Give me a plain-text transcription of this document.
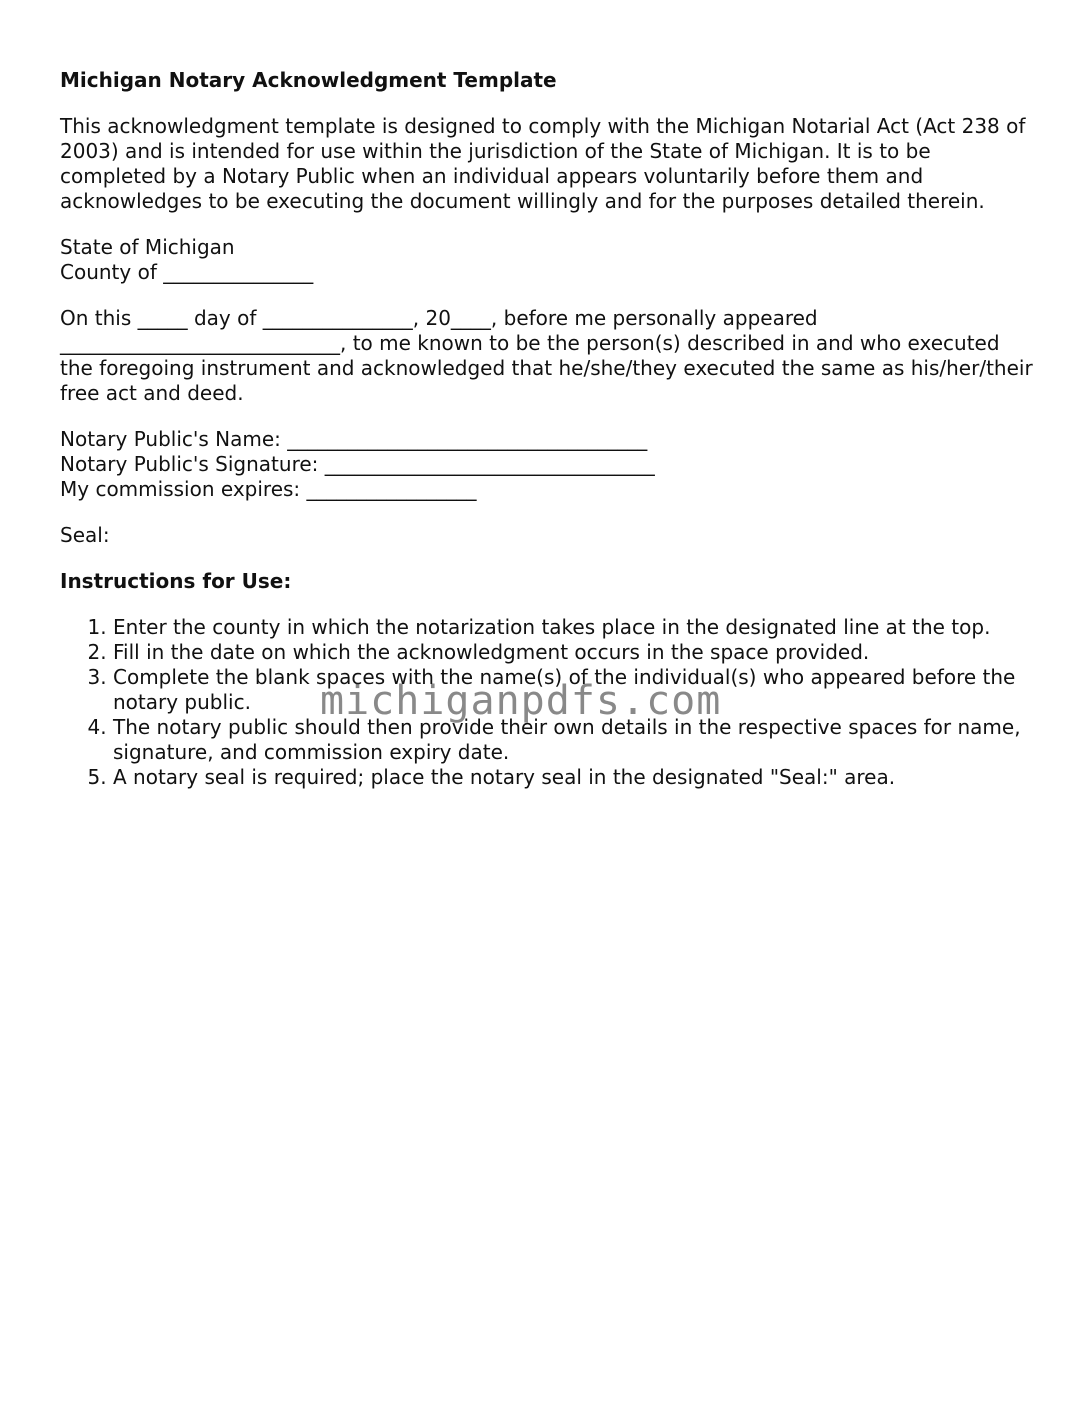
Michigan Notary Acknowledgment Template

This acknowledgment template is designed to comply with the Michigan Notarial Act (Act 238 of 2003) and is intended for use within the jurisdiction of the State of Michigan. It is to be completed by a Notary Public when an individual appears voluntarily before them and acknowledges to be executing the document willingly and for the purposes detailed therein.

State of Michigan
County of _______________

On this _____ day of _______________, 20____, before me personally appeared ____________________________, to me known to be the person(s) described in and who executed the foregoing instrument and acknowledged that he/she/they executed the same as his/her/their free act and deed.

Notary Public's Name: ____________________________________
Notary Public's Signature: _________________________________
My commission expires: _________________

Seal:

Instructions for Use:
1. Enter the county in which the notarization takes place in the designated line at the top.
2. Fill in the date on which the acknowledgment occurs in the space provided.
3. Complete the blank spaces with the name(s) of the individual(s) who appeared before the notary public.
4. The notary public should then provide their own details in the respective spaces for name, signature, and commission expiry date.
5. A notary seal is required; place the notary seal in the designated "Seal:" area.
michiganpdfs.com
